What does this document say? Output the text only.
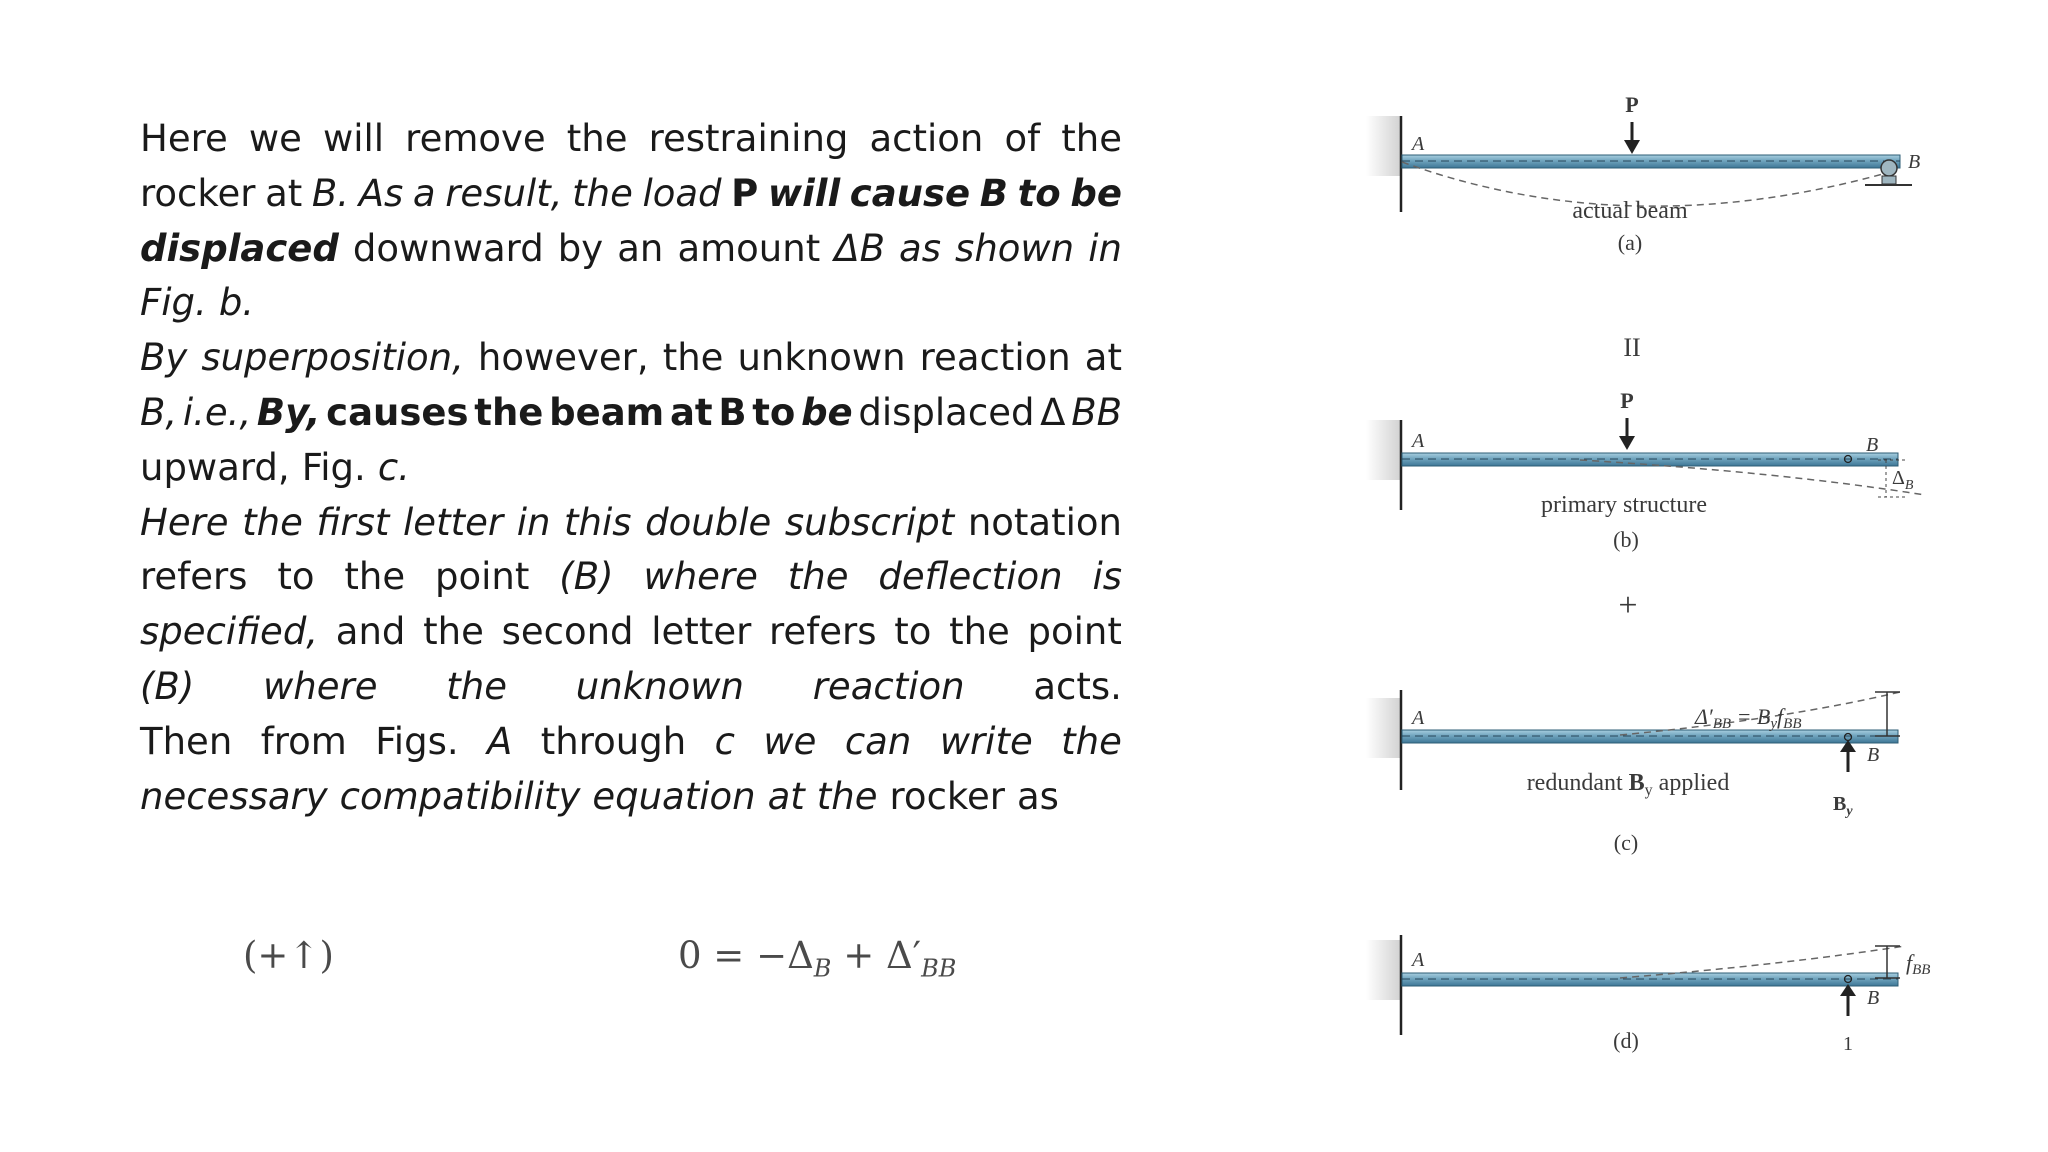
Here we will remove the restraining action of the
rocker at B. As a result, the load P will cause B to be
displaced downward by an amount ΔB as shown in
Fig. b.
By superposition, however, the unknown reaction at
B, i.e., By, causes the beam at B to be displaced Δ BB
upward, Fig. c.
Here the first letter in this double subscript notation
refers to the point (B) where the deflection is
specified, and the second letter refers to the point
(B) where the unknown reaction acts.
Then from Figs. A through c we can write the
necessary compatibility equation at the rocker as
(+↑)	$0 = -\Delta_B + \Delta'_{BB}$
P
A
B
actual beam
(a)
II
P
A	B
$\Delta_B$
primary structure
(b)
+
A
B
Δ′BB = ByfBB
$B_y$
redundant $B_y$ applied
(c)
A
B
fBB
1
(d)
